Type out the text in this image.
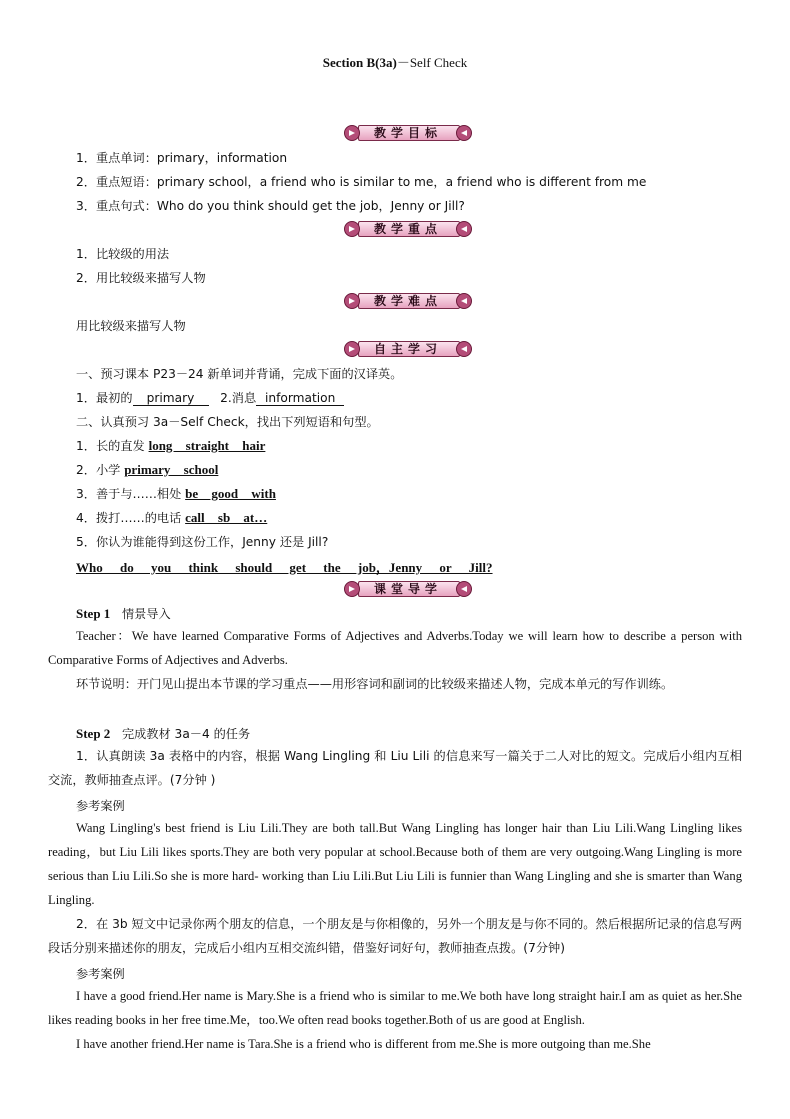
Section B(3a)－Self Check
教学目标
1．重点单词：primary，information
2．重点短语：primary school，a friend who is similar to me，a friend who is different from me
3．重点句式：Who do you think should get the job，Jenny or Jill?
教学重点
1．比较级的用法
2．用比较级来描写人物
教学难点
用比较级来描写人物
自主学习
一、预习课本 P23－24 新单词并背诵，完成下面的汉译英。
1．最初的 primary 2.消息 information
二、认真预习 3a－Self Check，找出下列短语和句型。
1．长的直发 long straight hair
2．小学 primary school
3．善于与……相处 be good with
4．拨打……的电话 call sb at…
5．你认为谁能得到这份工作，Jenny 还是 Jill?
Who do you think should get the job，Jenny or Jill?
课堂导学
Step 1 情景导入
Teacher：We have learned Comparative Forms of Adjectives and Adverbs.Today we will learn how to describe a person with Comparative Forms of Adjectives and Adverbs.
环节说明：开门见山提出本节课的学习重点——用形容词和副词的比较级来描述人物，完成本单元的写作训练。
Step 2 完成教材 3a－4 的任务
1．认真朗读 3a 表格中的内容，根据 Wang Lingling 和 Liu Lili 的信息来写一篇关于二人对比的短文。完成后小组内互相交流，教师抽查点评。(7分钟 )
参考案例
Wang Lingling's best friend is Liu Lili.They are both tall.But Wang Lingling has longer hair than Liu Lili.Wang Lingling likes reading，but Liu Lili likes sports.They are both very popular at school.Because both of them are very outgoing.Wang Lingling is more serious than Liu Lili.So she is more hard- working than Liu Lili.But Liu Lili is funnier than Wang Lingling and she is smarter than Wang Lingling.
2．在 3b 短文中记录你两个朋友的信息，一个朋友是与你相像的，另外一个朋友是与你不同的。然后根据所记录的信息写两段话分别来描述你的朋友，完成后小组内互相交流纠错，借鉴好词好句，教师抽查点拨。(7分钟)
参考案例
I have a good friend.Her name is Mary.She is a friend who is similar to me.We both have long straight hair.I am as quiet as her.She likes reading books in her free time.Me，too.We often read books together.Both of us are good at English.
I have another friend.Her name is Tara.She is a friend who is different from me.She is more outgoing than me.She
